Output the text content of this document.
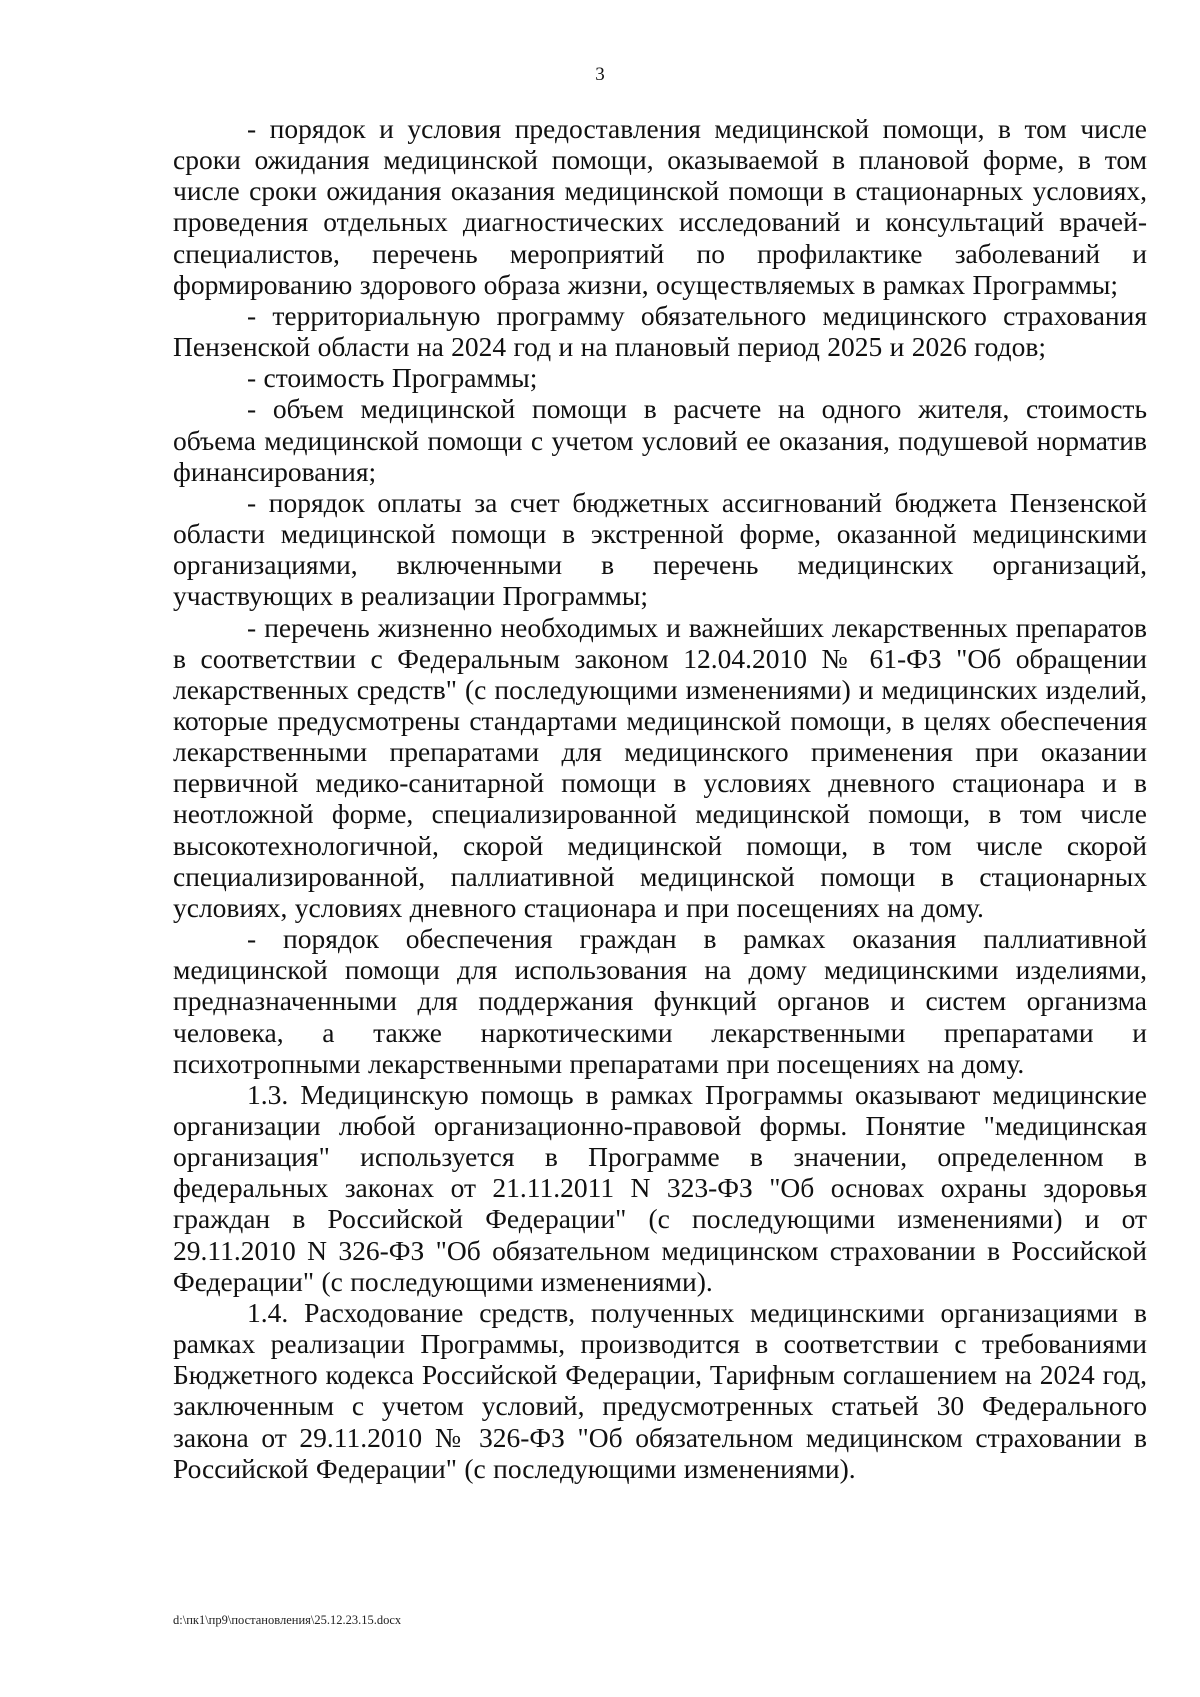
3

- порядок и условия предоставления медицинской помощи, в том числе сроки ожидания медицинской помощи, оказываемой в плановой форме, в том числе сроки ожидания оказания медицинской помощи в стационарных условиях, проведения отдельных диагностических исследований и консультаций врачей-специалистов, перечень мероприятий по профилактике заболеваний и формированию здорового образа жизни, осуществляемых в рамках Программы;

- территориальную программу обязательного медицинского страхования Пензенской области на 2024 год и на плановый период 2025 и 2026 годов;

- стоимость Программы;

- объем медицинской помощи в расчете на одного жителя, стоимость объема медицинской помощи с учетом условий ее оказания, подушевой норматив финансирования;

- порядок оплаты за счет бюджетных ассигнований бюджета Пензенской области медицинской помощи в экстренной форме, оказанной медицинскими организациями, включенными в перечень медицинских организаций, участвующих в реализации Программы;

- перечень жизненно необходимых и важнейших лекарственных препаратов в соответствии с Федеральным законом 12.04.2010 № 61-ФЗ "Об обращении лекарственных средств" (с последующими изменениями) и медицинских изделий, которые предусмотрены стандартами медицинской помощи, в целях обеспечения лекарственными препаратами для медицинского применения при оказании первичной медико-санитарной помощи в условиях дневного стационара и в неотложной форме, специализированной медицинской помощи, в том числе высокотехнологичной, скорой медицинской помощи, в том числе скорой специализированной, паллиативной медицинской помощи в стационарных условиях, условиях дневного стационара и при посещениях на дому.

- порядок обеспечения граждан в рамках оказания паллиативной медицинской помощи для использования на дому медицинскими изделиями, предназначенными для поддержания функций органов и систем организма человека, а также наркотическими лекарственными препаратами и психотропными лекарственными препаратами при посещениях на дому.

1.3. Медицинскую помощь в рамках Программы оказывают медицинские организации любой организационно-правовой формы. Понятие "медицинская организация" используется в Программе в значении, определенном в федеральных законах от 21.11.2011 N 323-ФЗ "Об основах охраны здоровья граждан в Российской Федерации" (с последующими изменениями) и от 29.11.2010 N 326-ФЗ "Об обязательном медицинском страховании в Российской Федерации" (с последующими изменениями).

1.4. Расходование средств, полученных медицинскими организациями в рамках реализации Программы, производится в соответствии с требованиями Бюджетного кодекса Российской Федерации, Тарифным соглашением на 2024 год, заключенным с учетом условий, предусмотренных статьей 30 Федерального закона от 29.11.2010 № 326-ФЗ "Об обязательном медицинском страховании в Российской Федерации" (с последующими изменениями).

d:\пк1\пр9\постановления\25.12.23.15.docx
